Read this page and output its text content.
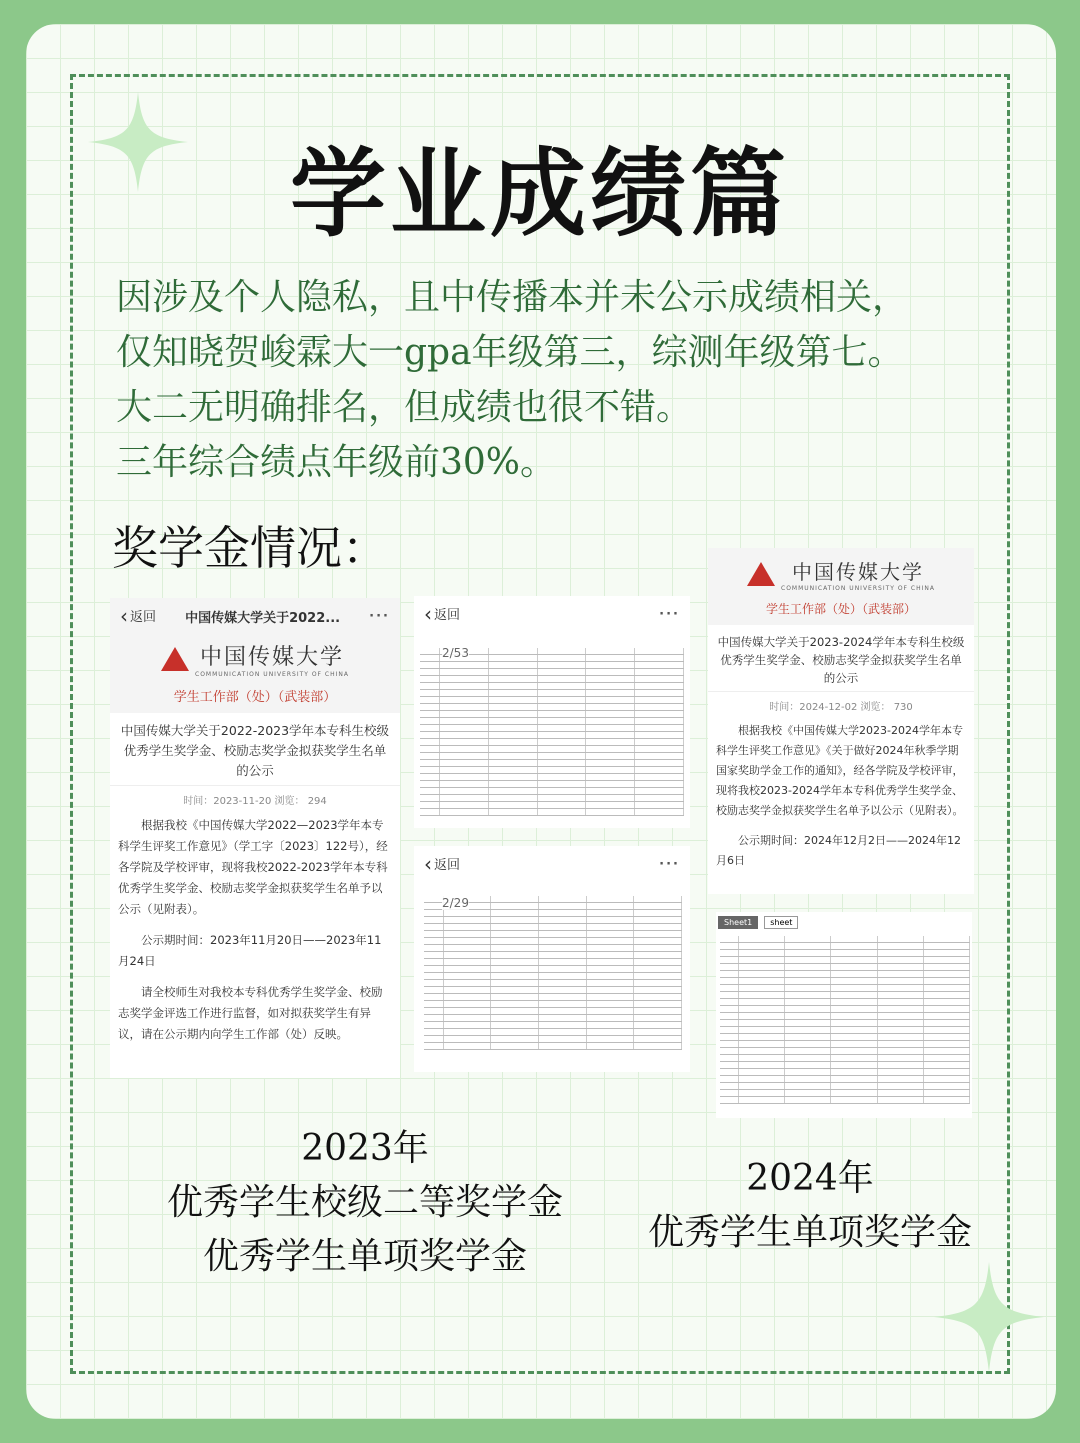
学业成绩篇
因涉及个人隐私，且中传播本并未公示成绩相关，
仅知晓贺峻霖大一gpa年级第三，综测年级第七。
大二无明确排名，但成绩也很不错。
三年综合绩点年级前30%。
奖学金情况：
‹ 返回 中国传媒大学关于2022... ···
中国传媒大学
COMMUNICATION UNIVERSITY OF CHINA
学生工作部（处）（武装部）
中国传媒大学关于2022-2023学年本专科生校级优秀学生奖学金、校励志奖学金拟获奖学生名单的公示
时间：2023-11-20 浏览： 294

根据我校《中国传媒大学2022—2023学年本专科学生评奖工作意见》（学工字〔2023〕122号），经各学院及学校评审，现将我校2022-2023学年本专科优秀学生奖学金、校励志奖学金拟获奖学生名单予以公示（见附表）。

公示期时间：2023年11月20日——2023年11月24日

请全校师生对我校本专科优秀学生奖学金、校励志奖学金评选工作进行监督，如对拟获奖学生有异议，请在公示期内向学生工作部（处）反映。

‹ 返回	···
2/53
‹ 返回	···
2/29
中国传媒大学
COMMUNICATION UNIVERSITY OF CHINA
学生工作部（处）（武装部）
中国传媒大学关于2023-2024学年本专科生校级优秀学生奖学金、校励志奖学金拟获奖学生名单的公示
时间：2024-12-02 浏览： 730

根据我校《中国传媒大学2023-2024学年本专科学生评奖工作意见》《关于做好2024年秋季学期国家奖助学金工作的通知》，经各学院及学校评审，现将我校2023-2024学年本专科优秀学生奖学金、校励志奖学金拟获奖学生名单予以公示（见附表）。

公示期时间：2024年12月2日——2024年12月6日

Sheet1	sheet
2023年
优秀学生校级二等奖学金
优秀学生单项奖学金
2024年
优秀学生单项奖学金
